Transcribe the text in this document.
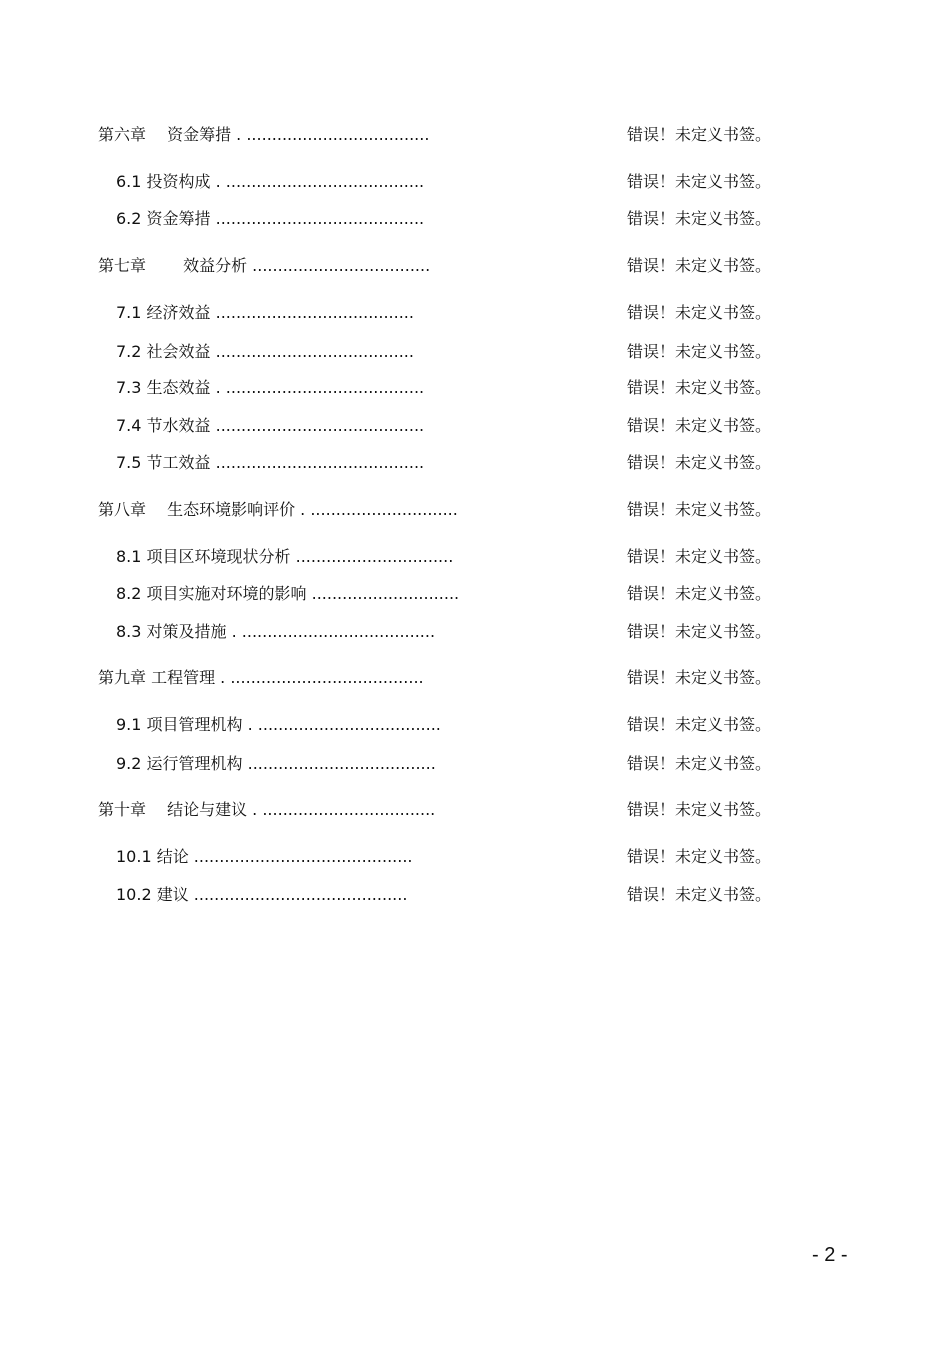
第六章　 资金筹措 . ....................................	错误！未定义书签。
6.1 投资构成 . .......................................	错误！未定义书签。
6.2 资金筹措 .........................................	错误！未定义书签。
第七章　　 效益分析 ...................................	错误！未定义书签。
7.1 经济效益 .......................................	错误！未定义书签。
7.2 社会效益 .......................................	错误！未定义书签。
7.3 生态效益 . .......................................	错误！未定义书签。
7.4 节水效益 .........................................	错误！未定义书签。
7.5 节工效益 .........................................	错误！未定义书签。
第八章　 生态环境影响评价 . .............................	错误！未定义书签。
8.1 项目区环境现状分析 ...............................	错误！未定义书签。
8.2 项目实施对环境的影响 .............................	错误！未定义书签。
8.3 对策及措施 . ......................................	错误！未定义书签。
第九章 工程管理 . ......................................	错误！未定义书签。
9.1 项目管理机构 . ....................................	错误！未定义书签。
9.2 运行管理机构 .....................................	错误！未定义书签。
第十章　 结论与建议 . ..................................	错误！未定义书签。
10.1 结论 ...........................................	错误！未定义书签。
10.2 建议 ..........................................	错误！未定义书签。
- 2 -
